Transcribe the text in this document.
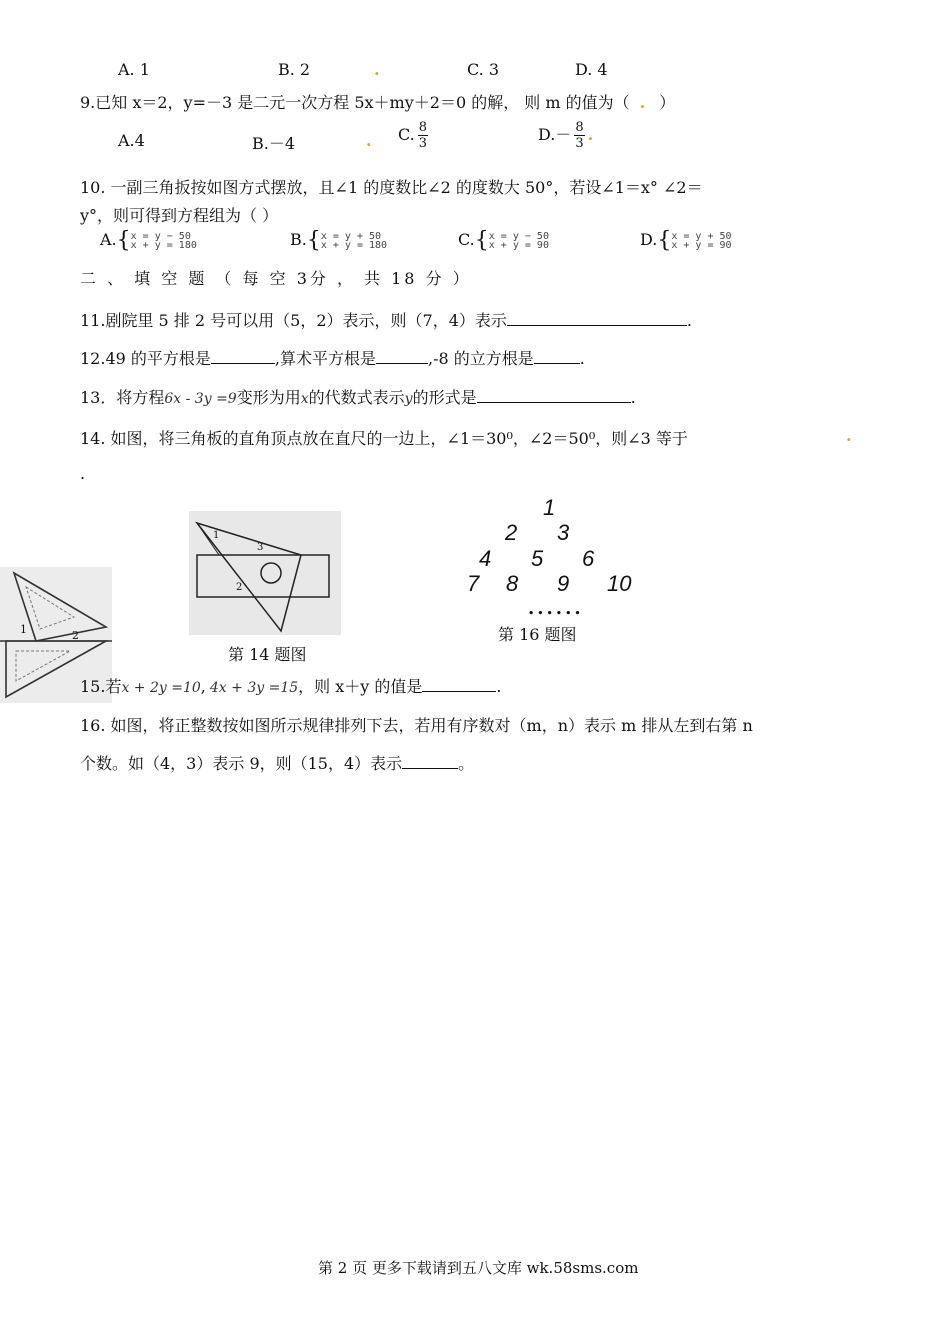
A. 1	B. 2	.	C. 3	D. 4
9.已知 x＝2，y=－3 是二元一次方程 5x＋my＋2＝0 的解， 则 m 的值为（ . ）
A.4	B.－4	. C. $\frac{8}{3}$	$D.- \frac{8}{3}$ .
10. 一副三角扳按如图方式摆放，且∠1 的度数比∠2 的度数大 50°，若设∠1＝x° ∠2＝
y°，则可得到方程组为（ ）
A.{ x = y − 50
x + y = 180	B.{ x = y + 50
x + y = 180	C.{ x = y − 50
x + y = 90	D.{ x = y + 50
x + y = 90
二 、 填 空 题 （ 每 空 3分 ， 共 18 分 ）
11.剧院里 5 排 2 号可以用（5，2）表示，则（7，4）表示	.
12.49 的平方根是	,算术平方根是	,-8 的立方根是	.
13．将方程6x - 3y =9变形为用x的代数式表示y的形式是	.
14. 如图，将三角板的直角顶点放在直尺的一边上，∠1＝30⁰，∠2＝50⁰，则∠3 等于	.
.
1
3
2
第 14 题图
1	2
1
2 3
4 5 6
7 8 9 10
......
第 16 题图
15.若x + 2y =10, 4x + 3y =15，则 x＋y 的值是	.
16. 如图，将正整数按如图所示规律排列下去，若用有序数对（m，n）表示 m 排从左到右第 n
个数。如（4，3）表示 9，则（15，4）表示	。
第 2 页 更多下载请到五八文库 wk.58sms.com
